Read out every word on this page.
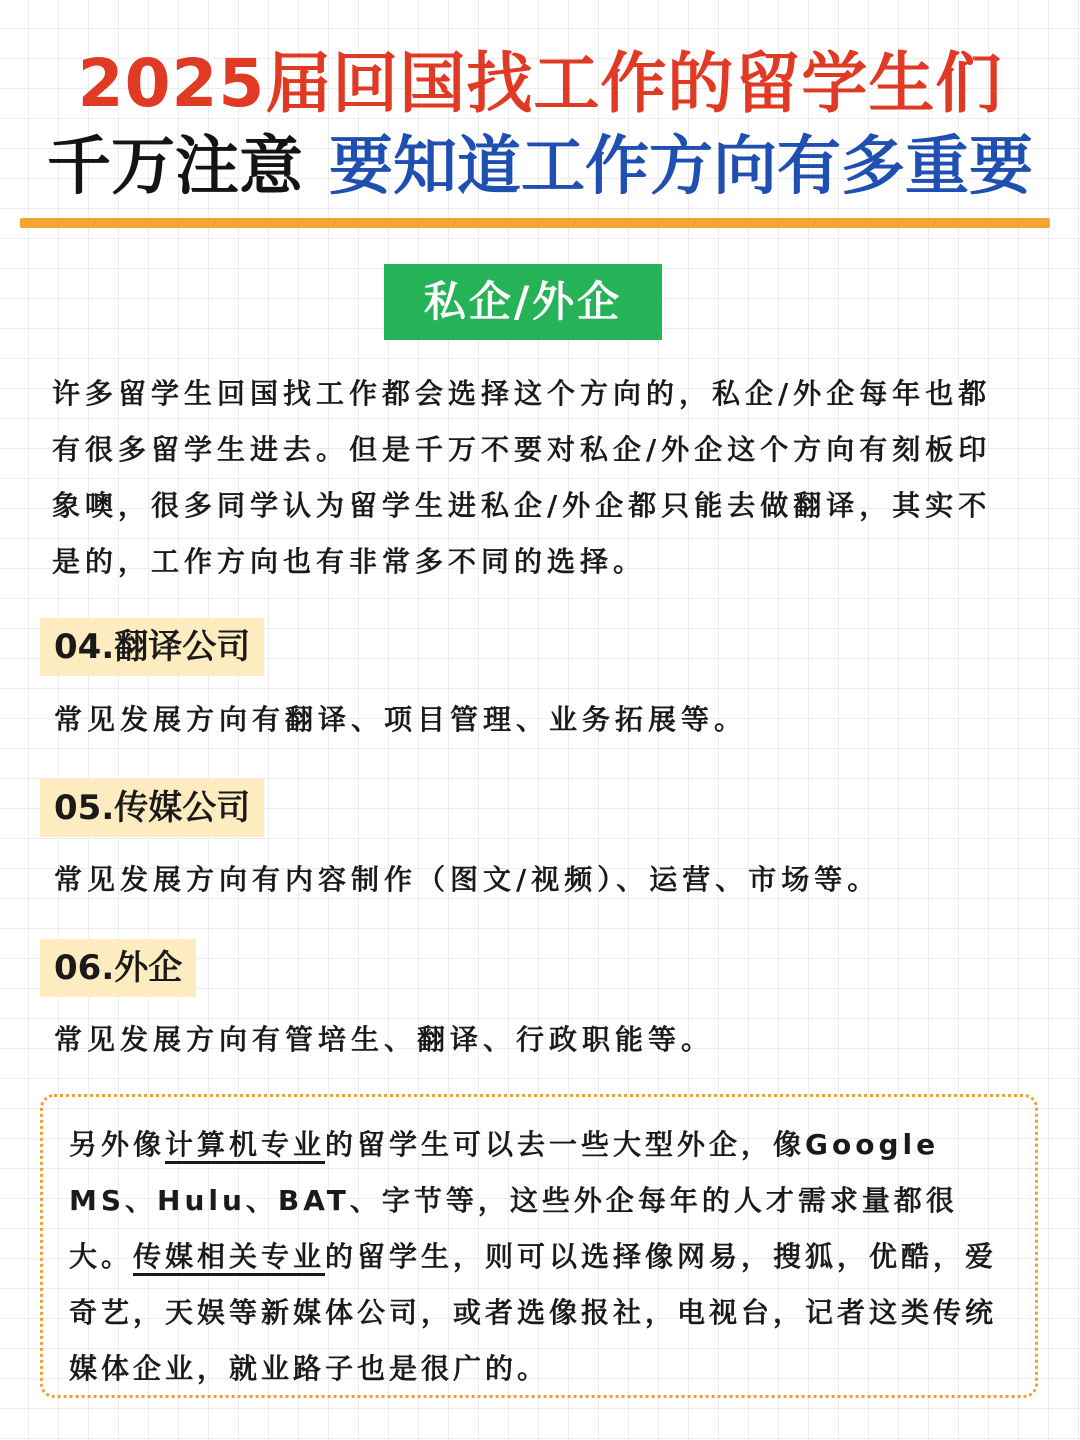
2025届回国找工作的留学生们
千万注意 要知道工作方向有多重要
私企/外企

许多留学生回国找工作都会选择这个方向的，私企/外企每年也都有很多留学生进去。但是千万不要对私企/外企这个方向有刻板印象噢，很多同学认为留学生进私企/外企都只能去做翻译，其实不是的，工作方向也有非常多不同的选择。

04.翻译公司
常见发展方向有翻译、项目管理、业务拓展等。
05.传媒公司
常见发展方向有内容制作（图文/视频）、运营、市场等。
06.外企
常见发展方向有管培生、翻译、行政职能等。

另外像计算机专业的留学生可以去一些大型外企，像Google MS、Hulu、BAT、字节等，这些外企每年的人才需求量都很大。传媒相关专业的留学生，则可以选择像网易，搜狐，优酷，爱奇艺，天娱等新媒体公司，或者选像报社，电视台，记者这类传统媒体企业，就业路子也是很广的。
